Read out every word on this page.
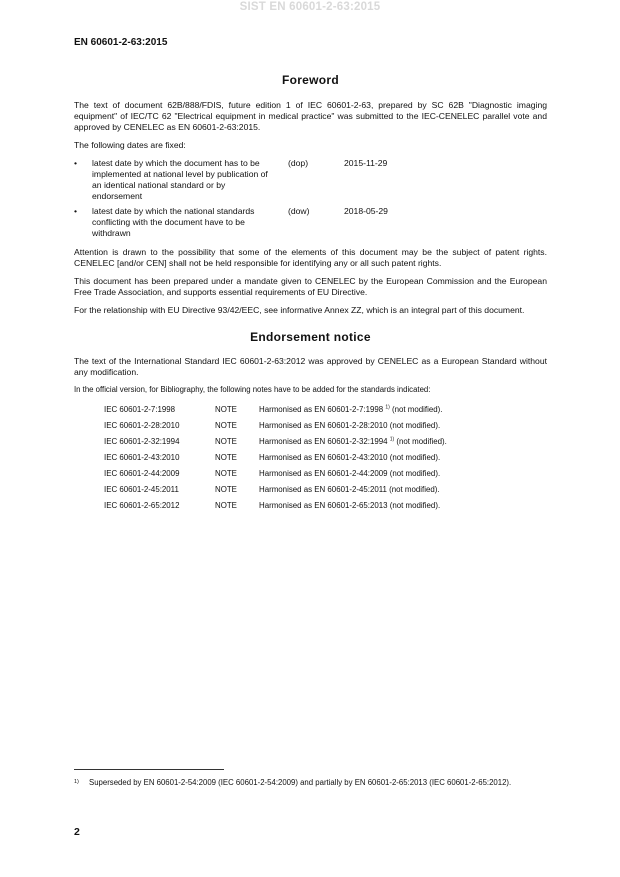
SIST EN 60601-2-63:2015
EN 60601-2-63:2015
Foreword

The text of document 62B/888/FDIS, future edition 1 of IEC 60601-2-63, prepared by SC 62B "Diagnostic imaging equipment" of IEC/TC 62 "Electrical equipment in medical practice" was submitted to the IEC-CENELEC parallel vote and approved by CENELEC as EN 60601-2-63:2015.

The following dates are fixed:

•	latest date by which the document has to be implemented at national level by publication of an identical national standard or by endorsement
(dop)	2015-11-29
•	latest date by which the national standards conflicting with the document have to be withdrawn
(dow)	2018-05-29

Attention is drawn to the possibility that some of the elements of this document may be the subject of patent rights. CENELEC [and/or CEN] shall not be held responsible for identifying any or all such patent rights.

This document has been prepared under a mandate given to CENELEC by the European Commission and the European Free Trade Association, and supports essential requirements of EU Directive.

For the relationship with EU Directive 93/42/EEC, see informative Annex ZZ, which is an integral part of this document.

Endorsement notice

The text of the International Standard IEC 60601-2-63:2012 was approved by CENELEC as a European Standard without any modification.

In the official version, for Bibliography, the following notes have to be added for the standards indicated:

IEC 60601-2-7:1998	NOTE	Harmonised as EN 60601-2-7:1998 $^{1)}$ (not modified).
IEC 60601-2-28:2010	NOTE	Harmonised as EN 60601-2-28:2010 (not modified).
IEC 60601-2-32:1994	NOTE	Harmonised as EN 60601-2-32:1994 $^{1)}$ (not modified).
IEC 60601-2-43:2010	NOTE	Harmonised as EN 60601-2-43:2010 (not modified).
IEC 60601-2-44:2009	NOTE	Harmonised as EN 60601-2-44:2009 (not modified).
IEC 60601-2-45:2011	NOTE	Harmonised as EN 60601-2-45:2011 (not modified).
IEC 60601-2-65:2012	NOTE	Harmonised as EN 60601-2-65:2013 (not modified).
1)	Superseded by EN 60601-2-54:2009 (IEC 60601-2-54:2009) and partially by EN 60601-2-65:2013 (IEC 60601-2-65:2012).
2
